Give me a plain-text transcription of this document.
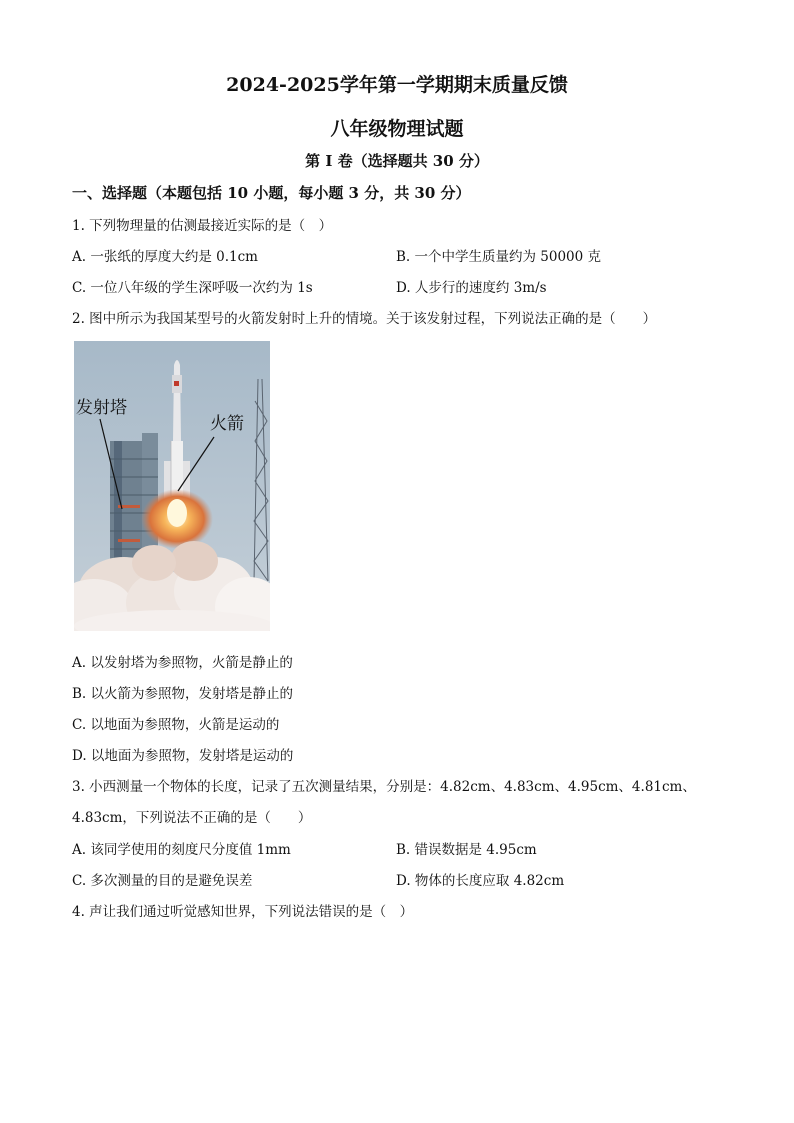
2024-2025学年第一学期期末质量反馈
八年级物理试题
第 I 卷（选择题共 30 分）
一、选择题（本题包括 10 小题，每小题 3 分，共 30 分）
1. 下列物理量的估测最接近实际的是（　）
A. 一张纸的厚度大约是 0.1cm	B. 一个中学生质量约为 50000 克
C. 一位八年级的学生深呼吸一次约为 1s	D. 人步行的速度约 3m/s
2. 图中所示为我国某型号的火箭发射时上升的情境。关于该发射过程，下列说法正确的是（　　）
发射塔
火箭
A. 以发射塔为参照物，火箭是静止的
B. 以火箭为参照物，发射塔是静止的
C. 以地面为参照物，火箭是运动的
D. 以地面为参照物，发射塔是运动的
3. 小西测量一个物体的长度，记录了五次测量结果，分别是：4.82cm、4.83cm、4.95cm、4.81cm、
4.83cm，下列说法不正确的是（　　）
A. 该同学使用的刻度尺分度值 1mm	B. 错误数据是 4.95cm
C. 多次测量的目的是避免误差	D. 物体的长度应取 4.82cm
4. 声让我们通过听觉感知世界，下列说法错误的是（　）
